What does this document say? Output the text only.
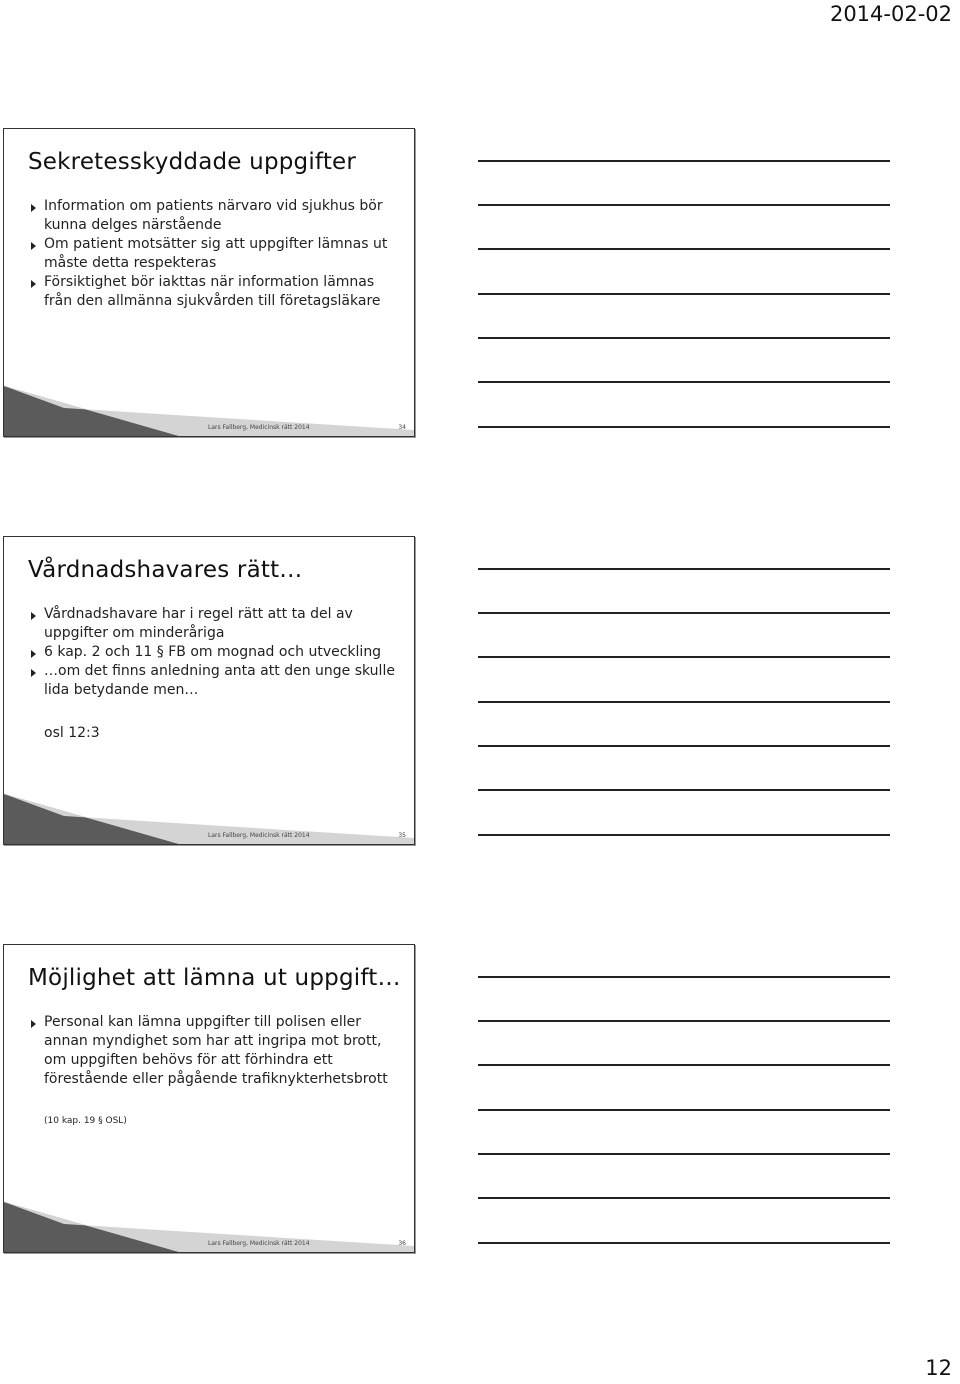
2014-02-02
Sekretesskyddade uppgifter
Information om patients närvaro vid sjukhus bör kunna delges närstående
Om patient motsätter sig att uppgifter lämnas ut måste detta respekteras
Försiktighet bör iakttas när information lämnas från den allmänna sjukvården till företagsläkare
Lars Fallberg, Medicinsk rätt 2014	34
Vårdnadshavares rätt…
Vårdnadshavare har i regel rätt att ta del av uppgifter om minderåriga
6 kap. 2 och 11 § FB om mognad och utveckling
…om det finns anledning anta att den unge skulle lida betydande men…
osl 12:3
Lars Fallberg, Medicinsk rätt 2014	35
Möjlighet att lämna ut uppgift…
Personal kan lämna uppgifter till polisen eller annan myndighet som har att ingripa mot brott, om uppgiften behövs för att förhindra ett förestående eller pågående trafiknykterhetsbrott
(10 kap. 19 § OSL)
Lars Fallberg, Medicinsk rätt 2014	36
12
